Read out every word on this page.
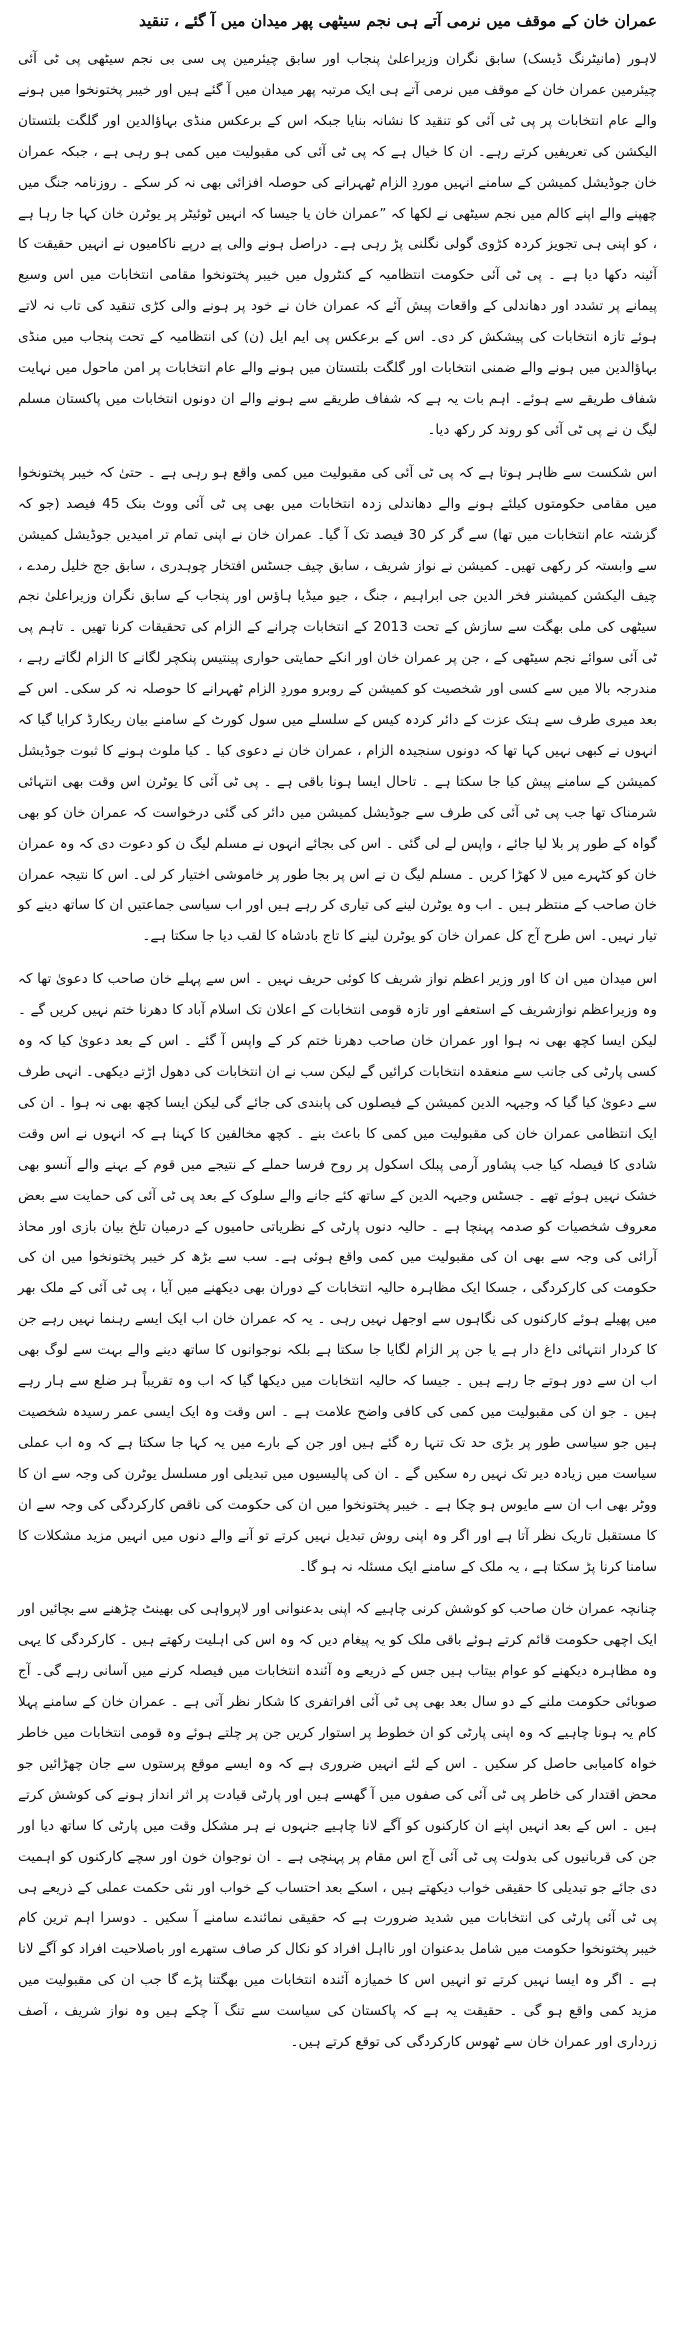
عمران خان کے موقف میں نرمی آتے ہی نجم سیٹھی پھر میدان میں آ گئے ، تنقید

لاہور (مانیٹرنگ ڈیسک) سابق نگران وزیراعلیٰ پنجاب اور سابق چیئرمین پی سی بی نجم سیٹھی پی ٹی آئی چیئرمین عمران خان کے موقف میں نرمی آتے ہی ایک مرتبہ پھر میدان میں آ گئے ہیں اور خیبر پختونخوا میں ہونے والے عام انتخابات پر پی ٹی آئی کو تنقید کا نشانہ بنایا جبکہ اس کے برعکس منڈی بہاؤالدین اور گلگت بلتستان الیکشن کی تعریفیں کرتے رہے۔ ان کا خیال ہے کہ پی ٹی آئی کی مقبولیت میں کمی ہو رہی ہے ، جبکہ عمران خان جوڈیشل کمیشن کے سامنے انہیں موردِ الزام ٹھہرانے کی حوصلہ افزائی بھی نہ کر سکے ۔ روزنامہ جنگ میں چھپنے والے اپنے کالم میں نجم سیٹھی نے لکھا کہ ”عمران خان یا جیسا کہ انہیں ٹوئیٹر پر یوٹرن خان کہا جا رہا ہے ، کو اپنی ہی تجویز کردہ کڑوی گولی نگلنی پڑ رہی ہے۔ دراصل ہونے والی پے درپے ناکامیوں نے انہیں حقیقت کا آئینہ دکھا دیا ہے ۔ پی ٹی آئی حکومت انتظامیہ کے کنٹرول میں خیبر پختونخوا مقامی انتخابات میں اس وسیع پیمانے پر تشدد اور دھاندلی کے واقعات پیش آئے کہ عمران خان نے خود پر ہونے والی کڑی تنقید کی تاب نہ لاتے ہوئے تازہ انتخابات کی پیشکش کر دی۔ اس کے برعکس پی ایم ایل (ن) کی انتظامیہ کے تحت پنجاب میں منڈی بہاؤالدین میں ہونے والے ضمنی انتخابات اور گلگت بلتستان میں ہونے والے عام انتخابات پر امن ماحول میں نہایت شفاف طریقے سے ہوئے۔ اہم بات یہ ہے کہ شفاف طریقے سے ہونے والے ان دونوں انتخابات میں پاکستان مسلم لیگ ن نے پی ٹی آئی کو روند کر رکھ دیا۔

اس شکست سے ظاہر ہوتا ہے کہ پی ٹی آئی کی مقبولیت میں کمی واقع ہو رہی ہے ۔ حتیٰ کہ خیبر پختونخوا میں مقامی حکومتوں کیلئے ہونے والے دھاندلی زدہ انتخابات میں بھی پی ٹی آئی ووٹ بنک 45 فیصد (جو کہ گزشتہ عام انتخابات میں تھا) سے گر کر 30 فیصد تک آ گیا۔ عمران خان نے اپنی تمام تر امیدیں جوڈیشل کمیشن سے وابستہ کر رکھی تھیں۔ کمیشن نے نواز شریف ، سابق چیف جسٹس افتخار چوہدری ، سابق جج خلیل رمدے ، چیف الیکشن کمیشنر فخر الدین جی ابراہیم ، جنگ ، جیو میڈیا ہاؤس اور پنجاب کے سابق نگران وزیراعلیٰ نجم سیٹھی کی ملی بھگت سے سازش کے تحت 2013 کے انتخابات چرانے کے الزام کی تحقیقات کرنا تھیں ۔ تاہم پی ٹی آئی سوائے نجم سیٹھی کے ، جن پر عمران خان اور انکے حمایتی حواری پینتیس پنکچر لگانے کا الزام لگاتے رہے ، مندرجہ بالا میں سے کسی اور شخصیت کو کمیشن کے روبرو موردِ الزام ٹھہرانے کا حوصلہ نہ کر سکی۔ اس کے بعد میری طرف سے ہتک عزت کے دائر کردہ کیس کے سلسلے میں سول کورٹ کے سامنے بیان ریکارڈ کرایا گیا کہ انہوں نے کبھی نہیں کہا تھا کہ دونوں سنجیدہ الزام ، عمران خان نے دعوی کیا ۔ کیا ملوث ہونے کا ثبوت جوڈیشل کمیشن کے سامنے پیش کیا جا سکتا ہے ۔ تاحال ایسا ہونا باقی ہے ۔ پی ٹی آئی کا یوٹرن اس وقت بھی انتہائی شرمناک تھا جب پی ٹی آئی کی طرف سے جوڈیشل کمیشن میں دائر کی گئی درخواست کہ عمران خان کو بھی گواہ کے طور پر بلا لیا جائے ، واپس لے لی گئی ۔ اس کی بجائے انہوں نے مسلم لیگ ن کو دعوت دی کہ وہ عمران خان کو کٹہرے میں لا کھڑا کریں ۔ مسلم لیگ ن نے اس پر بجا طور پر خاموشی اختیار کر لی۔ اس کا نتیجہ عمران خان صاحب کے منتظر ہیں ۔ اب وہ یوٹرن لینے کی تیاری کر رہے ہیں اور اب سیاسی جماعتیں ان کا ساتھ دینے کو تیار نہیں۔ اس طرح آج کل عمران خان کو یوٹرن لینے کا تاج بادشاہ کا لقب دیا جا سکتا ہے۔

اس میدان میں ان کا اور وزیر اعظم نواز شریف کا کوئی حریف نہیں ۔ اس سے پہلے خان صاحب کا دعویٰ تھا کہ وہ وزیراعظم نوازشریف کے استعفے اور تازہ قومی انتخابات کے اعلان تک اسلام آباد کا دھرنا ختم نہیں کریں گے ۔ لیکن ایسا کچھ بھی نہ ہوا اور عمران خان صاحب دھرنا ختم کر کے واپس آ گئے ۔ اس کے بعد دعویٰ کیا کہ وہ کسی پارٹی کی جانب سے منعقدہ انتخابات کرائیں گے لیکن سب نے ان انتخابات کی دھول اڑتے دیکھی۔ انہی طرف سے دعویٰ کیا گیا کہ وجیہہ الدین کمیشن کے فیصلوں کی پابندی کی جائے گی لیکن ایسا کچھ بھی نہ ہوا ۔ ان کی ایک انتظامی عمران خان کی مقبولیت میں کمی کا باعث بنے ۔ کچھ مخالفین کا کہنا ہے کہ انہوں نے اس وقت شادی کا فیصلہ کیا جب پشاور آرمی پبلک اسکول پر روح فرسا حملے کے نتیجے میں قوم کے بہنے والے آنسو بھی خشک نہیں ہوئے تھے ۔ جسٹس وجیہہ الدین کے ساتھ کئے جانے والے سلوک کے بعد پی ٹی آئی کی حمایت سے بعض معروف شخصیات کو صدمہ پہنچا ہے ۔ حالیہ دنوں پارٹی کے نظریاتی حامیوں کے درمیان تلخ بیان بازی اور محاذ آرائی کی وجہ سے بھی ان کی مقبولیت میں کمی واقع ہوئی ہے۔ سب سے بڑھ کر خیبر پختونخوا میں ان کی حکومت کی کارکردگی ، جسکا ایک مظاہرہ حالیہ انتخابات کے دوران بھی دیکھنے میں آیا ، پی ٹی آئی کے ملک بھر میں پھیلے ہوئے کارکنوں کی نگاہوں سے اوجھل نہیں رہی ۔ یہ کہ عمران خان اب ایک ایسے رہنما نہیں رہے جن کا کردار انتہائی داغ دار ہے یا جن پر الزام لگایا جا سکتا ہے بلکہ نوجوانوں کا ساتھ دینے والے بہت سے لوگ بھی اب ان سے دور ہوتے جا رہے ہیں ۔ جیسا کہ حالیہ انتخابات میں دیکھا گیا کہ اب وہ تقریباً ہر ضلع سے ہار رہے ہیں ۔ جو ان کی مقبولیت میں کمی کی کافی واضح علامت ہے ۔ اس وقت وہ ایک ایسی عمر رسیدہ شخصیت ہیں جو سیاسی طور پر بڑی حد تک تنہا رہ گئے ہیں اور جن کے بارے میں یہ کہا جا سکتا ہے کہ وہ اب عملی سیاست میں زیادہ دیر تک نہیں رہ سکیں گے ۔ ان کی پالیسیوں میں تبدیلی اور مسلسل یوٹرن کی وجہ سے ان کا ووٹر بھی اب ان سے مایوس ہو چکا ہے ۔ خیبر پختونخوا میں ان کی حکومت کی ناقص کارکردگی کی وجہ سے ان کا مستقبل تاریک نظر آتا ہے اور اگر وہ اپنی روش تبدیل نہیں کرتے تو آنے والے دنوں میں انہیں مزید مشکلات کا سامنا کرنا پڑ سکتا ہے ، یہ ملک کے سامنے ایک مسئلہ نہ ہو گا۔

چنانچہ عمران خان صاحب کو کوشش کرنی چاہیے کہ اپنی بدعنوانی اور لاپرواہی کی بھینٹ چڑھنے سے بچائیں اور ایک اچھی حکومت قائم کرتے ہوئے باقی ملک کو یہ پیغام دیں کہ وہ اس کی اہلیت رکھتے ہیں ۔ کارکردگی کا یہی وہ مظاہرہ دیکھنے کو عوام بیتاب ہیں جس کے ذریعے وہ آئندہ انتخابات میں فیصلہ کرنے میں آسانی رہے گی۔ آج صوبائی حکومت ملنے کے دو سال بعد بھی پی ٹی آئی افراتفری کا شکار نظر آتی ہے ۔ عمران خان کے سامنے پہلا کام یہ ہونا چاہیے کہ وہ اپنی پارٹی کو ان خطوط پر استوار کریں جن پر چلتے ہوئے وہ قومی انتخابات میں خاطر خواہ کامیابی حاصل کر سکیں ۔ اس کے لئے انہیں ضروری ہے کہ وہ ایسے موقع پرستوں سے جان چھڑائیں جو محض اقتدار کی خاطر پی ٹی آئی کی صفوں میں آ گھسے ہیں اور پارٹی قیادت پر اثر انداز ہونے کی کوشش کرتے ہیں ۔ اس کے بعد انہیں اپنے ان کارکنوں کو آگے لانا چاہیے جنہوں نے ہر مشکل وقت میں پارٹی کا ساتھ دیا اور جن کی قربانیوں کی بدولت پی ٹی آئی آج اس مقام پر پہنچی ہے ۔ ان نوجوان خون اور سچے کارکنوں کو اہمیت دی جائے جو تبدیلی کا حقیقی خواب دیکھتے ہیں ، اسکے بعد احتساب کے خواب اور نئی حکمت عملی کے ذریعے ہی پی ٹی آئی پارٹی کی انتخابات میں شدید ضرورت ہے کہ حقیقی نمائندے سامنے آ سکیں ۔ دوسرا اہم ترین کام خیبر پختونخوا حکومت میں شامل بدعنوان اور نااہل افراد کو نکال کر صاف ستھرے اور باصلاحیت افراد کو آگے لانا ہے ۔ اگر وہ ایسا نہیں کرتے تو انہیں اس کا خمیازہ آئندہ انتخابات میں بھگتنا پڑے گا جب ان کی مقبولیت میں مزید کمی واقع ہو گی ۔ حقیقت یہ ہے کہ پاکستان کی سیاست سے تنگ آ چکے ہیں وہ نواز شریف ، آصف زرداری اور عمران خان سے ٹھوس کارکردگی کی توقع کرتے ہیں۔
